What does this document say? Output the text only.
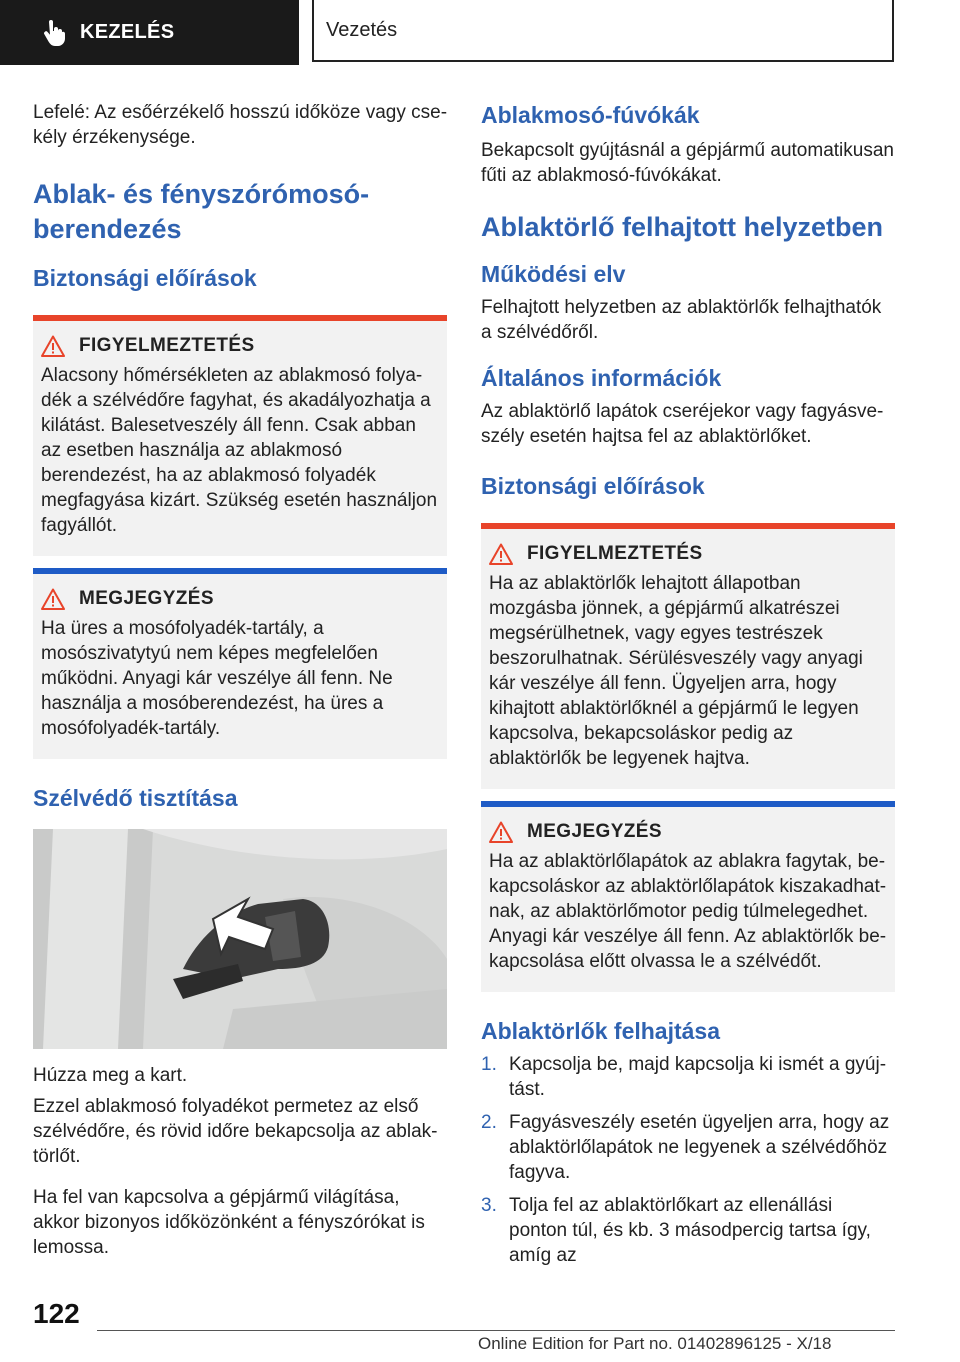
KEZELÉS	Vezetés

Lefelé: Az esőérzékelő hosszú időköze vagy csekély érzékenysége.

Ablak- és fényszórómosó-
berendezés
Biztonsági előírások
FIGYELMEZTETÉS

Alacsony hőmérsékleten az ablakmosó folyadék a szélvédőre fagyhat, és akadályozhatja a kilátást. Balesetveszély áll fenn. Csak abban az esetben használja az ablakmosó berendezést, ha az ablakmosó folyadék megfagyása kizárt. Szükség esetén használjon fagyállót.

MEGJEGYZÉS

Ha üres a mosófolyadék-tartály, a mosószivatytyú nem képes megfelelően működni. Anyagi kár veszélye áll fenn. Ne használja a mosóberendezést, ha üres a mosófolyadék-tartály.

Szélvédő tisztítása

Húzza meg a kart.

Ezzel ablakmosó folyadékot permetez az első szélvédőre, és rövid időre bekapcsolja az ablaktörlőt.

Ha fel van kapcsolva a gépjármű világítása, akkor bizonyos időközönként a fényszórókat is lemossa.

Ablakmosó-fúvókák

Bekapcsolt gyújtásnál a gépjármű automatikusan fűti az ablakmosó-fúvókákat.

Ablaktörlő felhajtott helyzetben
Működési elv

Felhajtott helyzetben az ablaktörlők felhajthatók a szélvédőről.

Általános információk

Az ablaktörlő lapátok cseréjekor vagy fagyásveszély esetén hajtsa fel az ablaktörlőket.

Biztonsági előírások
FIGYELMEZTETÉS

Ha az ablaktörlők lehajtott állapotban mozgásba jönnek, a gépjármű alkatrészei megsérülhetnek, vagy egyes testrészek beszorulhatnak. Sérülésveszély vagy anyagi kár veszélye áll fenn. Ügyeljen arra, hogy kihajtott ablaktörlőknél a gépjármű le legyen kapcsolva, bekapcsoláskor pedig az ablaktörlők be legyenek hajtva.

MEGJEGYZÉS

Ha az ablaktörlőlapátok az ablakra fagytak, bekapcsoláskor az ablaktörlőlapátok kiszakadhatnak, az ablaktörlőmotor pedig túlmelegedhet. Anyagi kár veszélye áll fenn. Az ablaktörlők bekapcsolása előtt olvassa le a szélvédőt.

Ablaktörlők felhajtása
1. Kapcsolja be, majd kapcsolja ki ismét a gyújtást.
2. Fagyásveszély esetén ügyeljen arra, hogy az ablaktörlőlapátok ne legyenek a szélvédőhöz fagyva.
3. Tolja fel az ablaktörlőkart az ellenállási ponton túl, és kb. 3 másodpercig tartsa így, amíg az
122
Online Edition for Part no. 01402896125 - X/18
